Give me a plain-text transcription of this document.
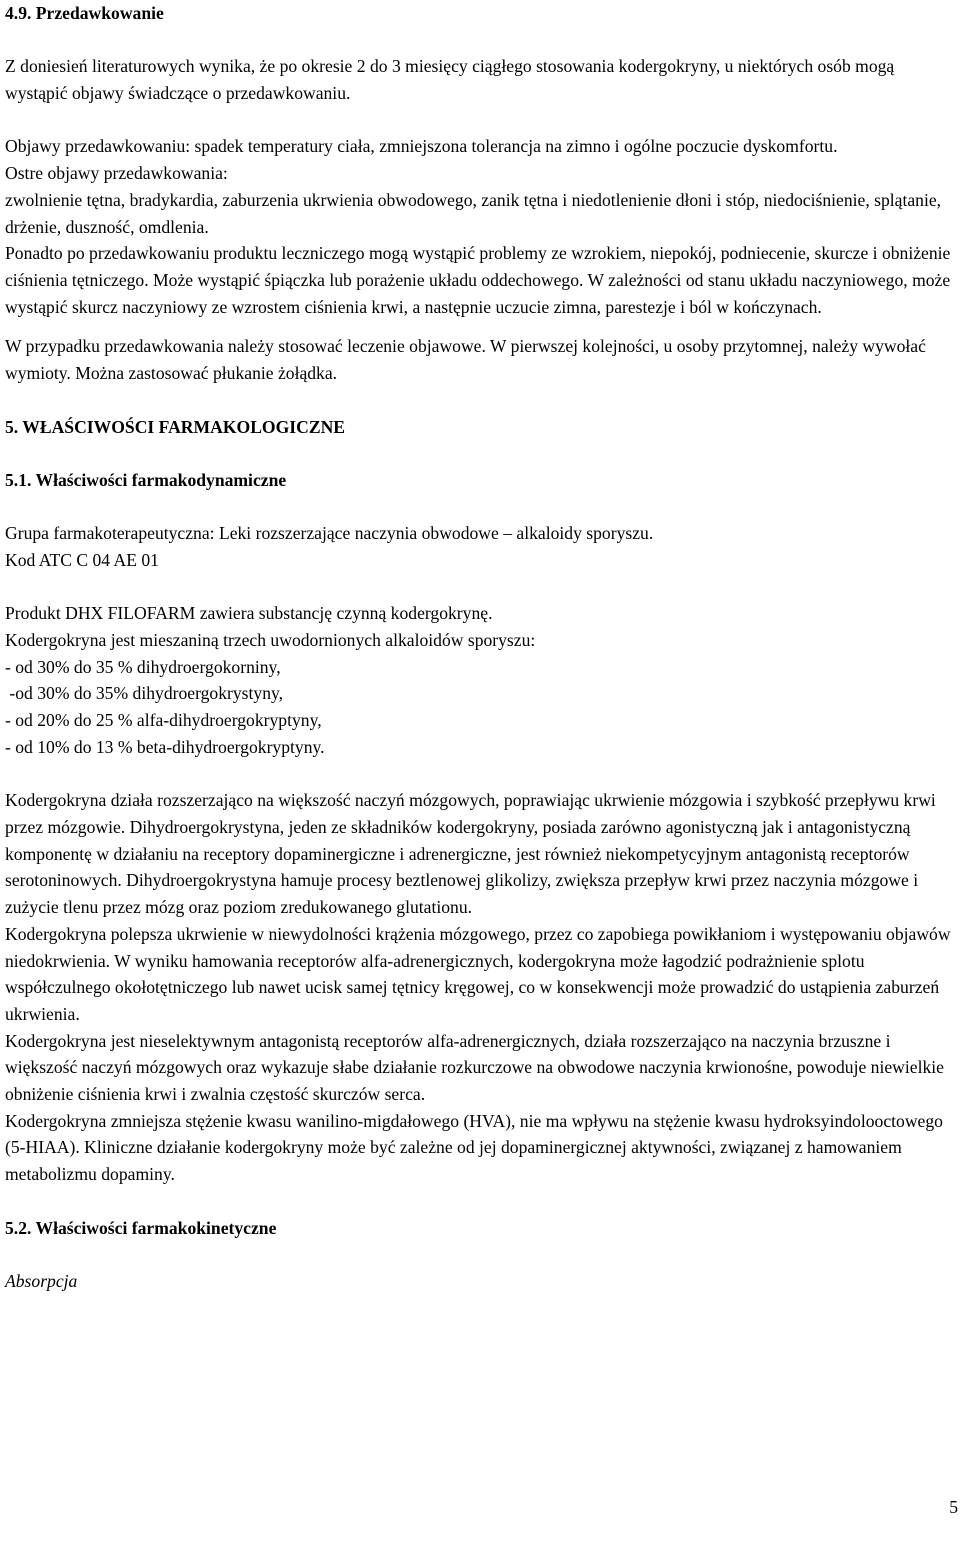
4.9. Przedawkowanie

Z doniesień literaturowych wynika, że po okresie 2 do 3 miesięcy ciągłego stosowania kodergokryny, u niektórych osób mogą wystąpić objawy świadczące o przedawkowaniu.

Objawy przedawkowaniu: spadek temperatury ciała, zmniejszona tolerancja na zimno i ogólne poczucie dyskomfortu.

Ostre objawy przedawkowania:

zwolnienie tętna, bradykardia, zaburzenia ukrwienia obwodowego, zanik tętna i niedotlenienie dłoni i stóp, niedociśnienie, splątanie, drżenie, duszność, omdlenia.

Ponadto po przedawkowaniu produktu leczniczego mogą wystąpić problemy ze wzrokiem, niepokój, podniecenie, skurcze i obniżenie ciśnienia tętniczego. Może wystąpić śpiączka lub porażenie układu oddechowego. W zależności od stanu układu naczyniowego, może wystąpić skurcz naczyniowy ze wzrostem ciśnienia krwi, a następnie uczucie zimna, parestezje i ból w kończynach.

W przypadku przedawkowania należy stosować leczenie objawowe. W pierwszej kolejności, u osoby przytomnej, należy wywołać wymioty. Można zastosować płukanie żołądka.

5. WŁAŚCIWOŚCI FARMAKOLOGICZNE
5.1. Właściwości farmakodynamiczne

Grupa farmakoterapeutyczna: Leki rozszerzające naczynia obwodowe – alkaloidy sporyszu.

Kod ATC C 04 AE 01

Produkt DHX FILOFARM zawiera substancję czynną kodergokrynę.

Kodergokryna jest mieszaniną trzech uwodornionych alkaloidów sporyszu:

- od 30% do 35 % dihydroergokorniny,

-od 30% do 35% dihydroergokrystyny,

- od 20% do 25 % alfa-dihydroergokryptyny,

- od 10% do 13 % beta-dihydroergokryptyny.

Kodergokryna działa rozszerzająco na większość naczyń mózgowych, poprawiając ukrwienie mózgowia i szybkość przepływu krwi przez mózgowie. Dihydroergokrystyna, jeden ze składników kodergokryny, posiada zarówno agonistyczną jak i antagonistyczną komponentę w działaniu na receptory dopaminergiczne i adrenergiczne, jest również niekompetycyjnym antagonistą receptorów serotoninowych. Dihydroergokrystyna hamuje procesy beztlenowej glikolizy, zwiększa przepływ krwi przez naczynia mózgowe i zużycie tlenu przez mózg oraz poziom zredukowanego glutationu.

Kodergokryna polepsza ukrwienie w niewydolności krążenia mózgowego, przez co zapobiega powikłaniom i występowaniu objawów niedokrwienia. W wyniku hamowania receptorów alfa-adrenergicznych, kodergokryna może łagodzić podrażnienie splotu współczulnego okołotętniczego lub nawet ucisk samej tętnicy kręgowej, co w konsekwencji może prowadzić do ustąpienia zaburzeń ukrwienia.

Kodergokryna jest nieselektywnym antagonistą receptorów alfa-adrenergicznych, działa rozszerzająco na naczynia brzuszne i większość naczyń mózgowych oraz wykazuje słabe działanie rozkurczowe na obwodowe naczynia krwionośne, powoduje niewielkie obniżenie ciśnienia krwi i zwalnia częstość skurczów serca.

Kodergokryna zmniejsza stężenie kwasu wanilino-migdałowego (HVA), nie ma wpływu na stężenie kwasu hydroksyindolooctowego (5-HIAA). Kliniczne działanie kodergokryny może być zależne od jej dopaminergicznej aktywności, związanej z hamowaniem metabolizmu dopaminy.

5.2. Właściwości farmakokinetyczne

Absorpcja

5
